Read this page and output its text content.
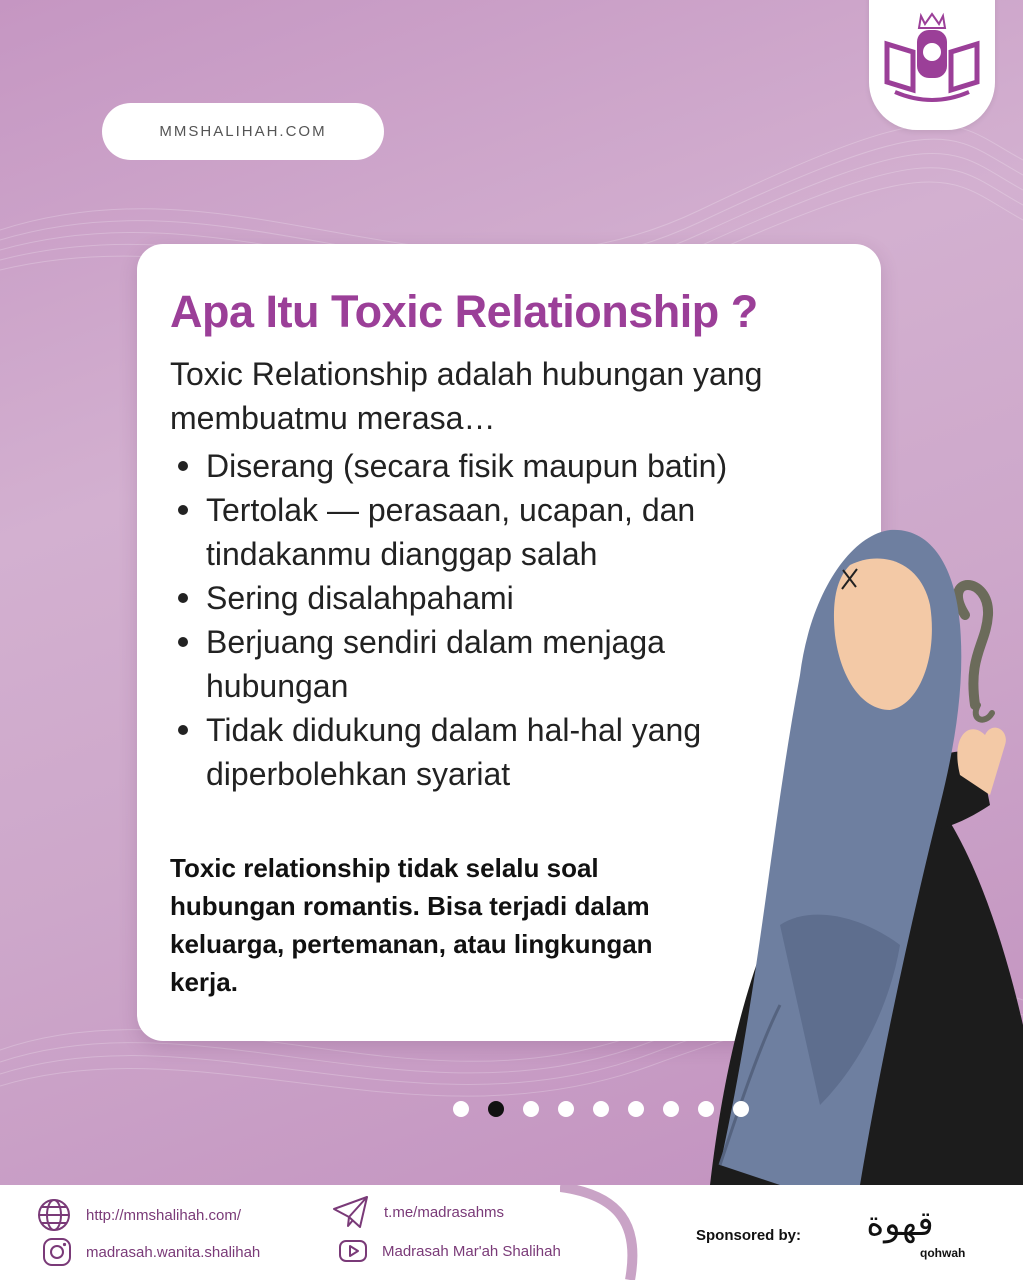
MMSHALIHAH.COM
Apa Itu Toxic Relationship ?
Toxic Relationship adalah hubungan yang membuatmu merasa…
Diserang (secara fisik maupun batin)
Tertolak — perasaan, ucapan, dan tindakanmu dianggap salah
Sering disalahpahami
Berjuang sendiri dalam menjaga hubungan
Tidak didukung dalam hal-hal yang diperbolehkan syariat
Toxic relationship tidak selalu soal hubungan romantis. Bisa terjadi dalam keluarga, pertemanan, atau lingkungan kerja.
http://mmshalihah.com/
madrasah.wanita.shalihah
t.me/madrasahms
Madrasah Mar'ah Shalihah
Sponsored by: قهوة
qohwah
